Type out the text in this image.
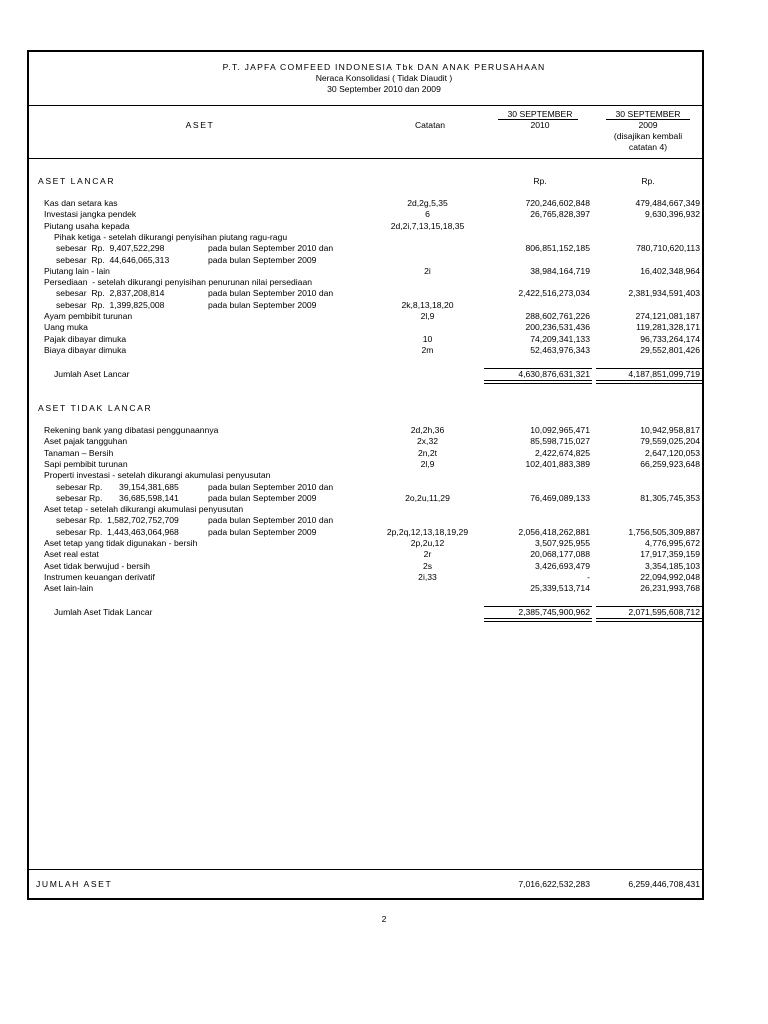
P.T. JAPFA COMFEED INDONESIA Tbk DAN ANAK PERUSAHAAN
Neraca Konsolidasi ( Tidak Diaudit )
30 September 2010 dan 2009
ASET	Catatan
30 SEPTEMBER
2010
30 SEPTEMBER
2009
(disajikan kembali
catatan 4)
ASET LANCAR	Rp.	Rp.
Kas dan setara kas	2d,2g,5,35	720,246,602,848	479,484,667,349
Investasi jangka pendek	6	26,765,828,397	9,630,396,932
Piutang usaha kepada	2d,2i,7,13,15,18,35
Pihak ketiga - setelah dikurangi penyisihan piutang ragu-ragu
sebesar  Rp.  9,407,522,298	pada bulan September 2010 dan	806,851,152,185	780,710,620,113
sebesar  Rp.  44,646,065,313	pada bulan September 2009
Piutang lain - lain	2i	38,984,164,719	16,402,348,964
Persediaan  - setelah dikurangi penyisihan penurunan nilai persediaan
sebesar  Rp.  2,837,208,814	pada bulan September 2010 dan	2,422,516,273,034	2,381,934,591,403
sebesar  Rp.  1,399,825,008	pada bulan September 2009	2k,8,13,18,20
Ayam pembibit turunan	2l,9	288,602,761,226	274,121,081,187
Uang muka	200,236,531,436	119,281,328,171
Pajak dibayar dimuka	10	74,209,341,133	96,733,264,174
Biaya dibayar dimuka	2m	52,463,976,343	29,552,801,426
Jumlah Aset Lancar	4,630,876,631,321	4,187,851,099,719
ASET TIDAK LANCAR
Rekening bank yang dibatasi penggunaannya	2d,2h,36	10,092,965,471	10,942,958,817
Aset pajak tangguhan	2x,32	85,598,715,027	79,559,025,204
Tanaman – Bersih	2n,2t	2,422,674,825	2,647,120,053
Sapi pembibit turunan	2l,9	102,401,883,389	66,259,923,648
Properti investasi - setelah dikurangi akumulasi penyusutan
sebesar Rp.       39,154,381,685	pada bulan September 2010 dan
sebesar Rp.       36,685,598,141	pada bulan September 2009	2o,2u,11,29	76,469,089,133	81,305,745,353
Aset tetap - setelah dikurangi akumulasi penyusutan
sebesar Rp.  1,582,702,752,709	pada bulan September 2010 dan
sebesar Rp.  1,443,463,064,968	pada bulan September 2009	2p,2q,12,13,18,19,29	2,056,418,262,881	1,756,505,309,887
Aset tetap yang tidak digunakan - bersih	2p,2u,12	3,507,925,955	4,776,995,672
Aset real estat	2r	20,068,177,088	17,917,359,159
Aset tidak berwujud - bersih	2s	3,426,693,479	3,354,185,103
Instrumen keuangan derivatif	2i,33	-	22,094,992,048
Aset lain-lain	25,339,513,714	26,231,993,768
Jumlah Aset Tidak Lancar	2,385,745,900,962	2,071,595,608,712
JUMLAH ASET	7,016,622,532,283	6,259,446,708,431
2
